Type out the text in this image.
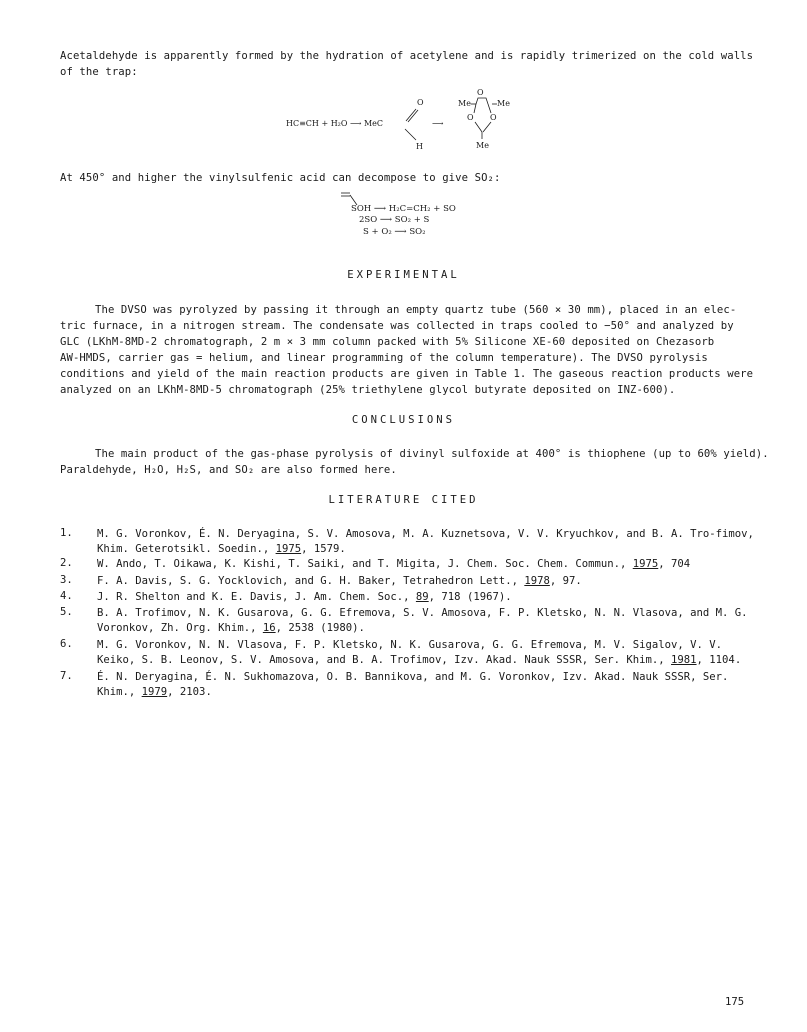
Acetaldehyde is apparently formed by the hydration of acetylene and is rapidly trimerized on the cold walls
of the trap:
HC≡CH + H₂O ⟶ MeC
O
H
⟶
O
Me	Me
O O
Me
At 450° and higher the vinylsulfenic acid can decompose to give SO₂:
SOH ⟶ H₂C=CH₂ + SO
2SO ⟶ SO₂ + S
S + O₂ ⟶ SO₂
EXPERIMENTAL
The DVSO was pyrolyzed by passing it through an empty quartz tube (560 × 30 mm), placed in an elec-
tric furnace, in a nitrogen stream. The condensate was collected in traps cooled to −50° and analyzed by
GLC (LKhM-8MD-2 chromatograph, 2 m × 3 mm column packed with 5% Silicone XE-60 deposited on Chezasorb
AW-HMDS, carrier gas = helium, and linear programming of the column temperature). The DVSO pyrolysis
conditions and yield of the main reaction products are given in Table 1. The gaseous reaction products were
analyzed on an LKhM-8MD-5 chromatograph (25% triethylene glycol butyrate deposited on INZ-600).
CONCLUSIONS
The main product of the gas-phase pyrolysis of divinyl sulfoxide at 400° is thiophene (up to 60% yield).
Paraldehyde, H₂O, H₂S, and SO₂ are also formed here.
LITERATURE CITED
1. M. G. Voronkov, É. N. Deryagina, S. V. Amosova, M. A. Kuznetsova, V. V. Kryuchkov, and B. A. Tro-fimov, Khim. Geterotsikl. Soedin., 1975, 1579.
2. W. Ando, T. Oikawa, K. Kishi, T. Saiki, and T. Migita, J. Chem. Soc. Chem. Commun., 1975, 704
3. F. A. Davis, S. G. Yocklovich, and G. H. Baker, Tetrahedron Lett., 1978, 97.
4. J. R. Shelton and K. E. Davis, J. Am. Chem. Soc., 89, 718 (1967).
5. B. A. Trofimov, N. K. Gusarova, G. G. Efremova, S. V. Amosova, F. P. Kletsko, N. N. Vlasova, and M. G. Voronkov, Zh. Org. Khim., 16, 2538 (1980).
6. M. G. Voronkov, N. N. Vlasova, F. P. Kletsko, N. K. Gusarova, G. G. Efremova, M. V. Sigalov, V. V. Keiko, S. B. Leonov, S. V. Amosova, and B. A. Trofimov, Izv. Akad. Nauk SSSR, Ser. Khim., 1981, 1104.
7. É. N. Deryagina, É. N. Sukhomazova, O. B. Bannikova, and M. G. Voronkov, Izv. Akad. Nauk SSSR, Ser. Khim., 1979, 2103.
175
